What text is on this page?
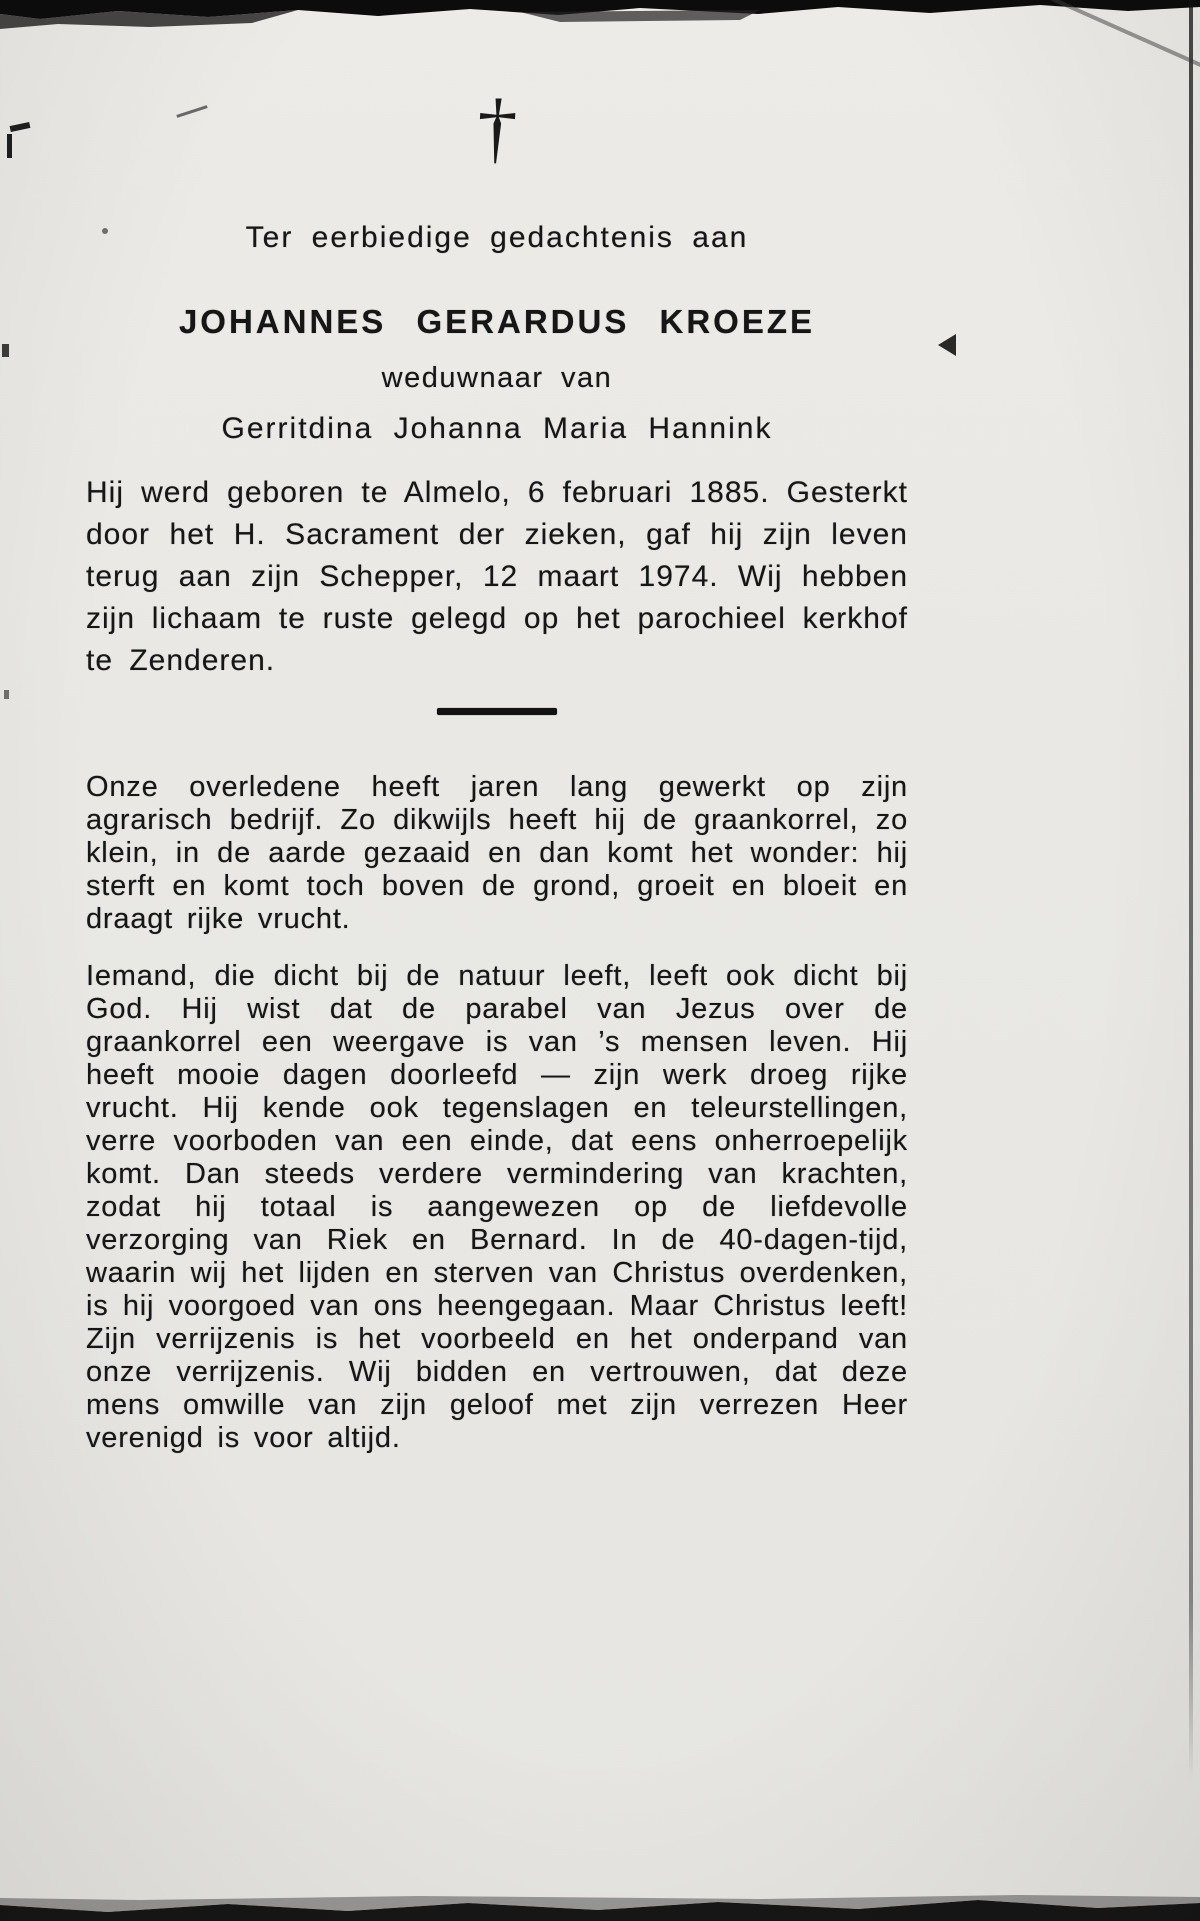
†

Ter eerbiedige gedachtenis aan

JOHANNES GERARDUS KROEZE

weduwnaar van

Gerritdina Johanna Maria Hannink

Hij werd geboren te Almelo, 6 februari 1885. Gesterkt door het H. Sacrament der zieken, gaf hij zijn leven terug aan zijn Schepper, 12 maart 1974. Wij hebben zijn lichaam te ruste gelegd op het parochieel kerkhof te Zenderen.

Onze overledene heeft jaren lang gewerkt op zijn agrarisch bedrijf. Zo dikwijls heeft hij de graankorrel, zo klein, in de aarde gezaaid en dan komt het wonder: hij sterft en komt toch boven de grond, groeit en bloeit en draagt rijke vrucht.

Iemand, die dicht bij de natuur leeft, leeft ook dicht bij God. Hij wist dat de parabel van Jezus over de graankorrel een weergave is van ’s mensen leven. Hij heeft mooie dagen doorleefd — zijn werk droeg rijke vrucht. Hij kende ook tegenslagen en teleurstellingen, verre voorboden van een einde, dat eens onherroepelijk komt. Dan steeds verdere vermindering van krachten, zodat hij totaal is aangewezen op de liefdevolle verzorging van Riek en Bernard. In de 40-dagen-tijd, waarin wij het lijden en sterven van Christus overdenken, is hij voorgoed van ons heengegaan. Maar Christus leeft! Zijn verrijzenis is het voorbeeld en het onderpand van onze verrijzenis. Wij bidden en vertrouwen, dat deze mens omwille van zijn geloof met zijn verrezen Heer verenigd is voor altijd.
